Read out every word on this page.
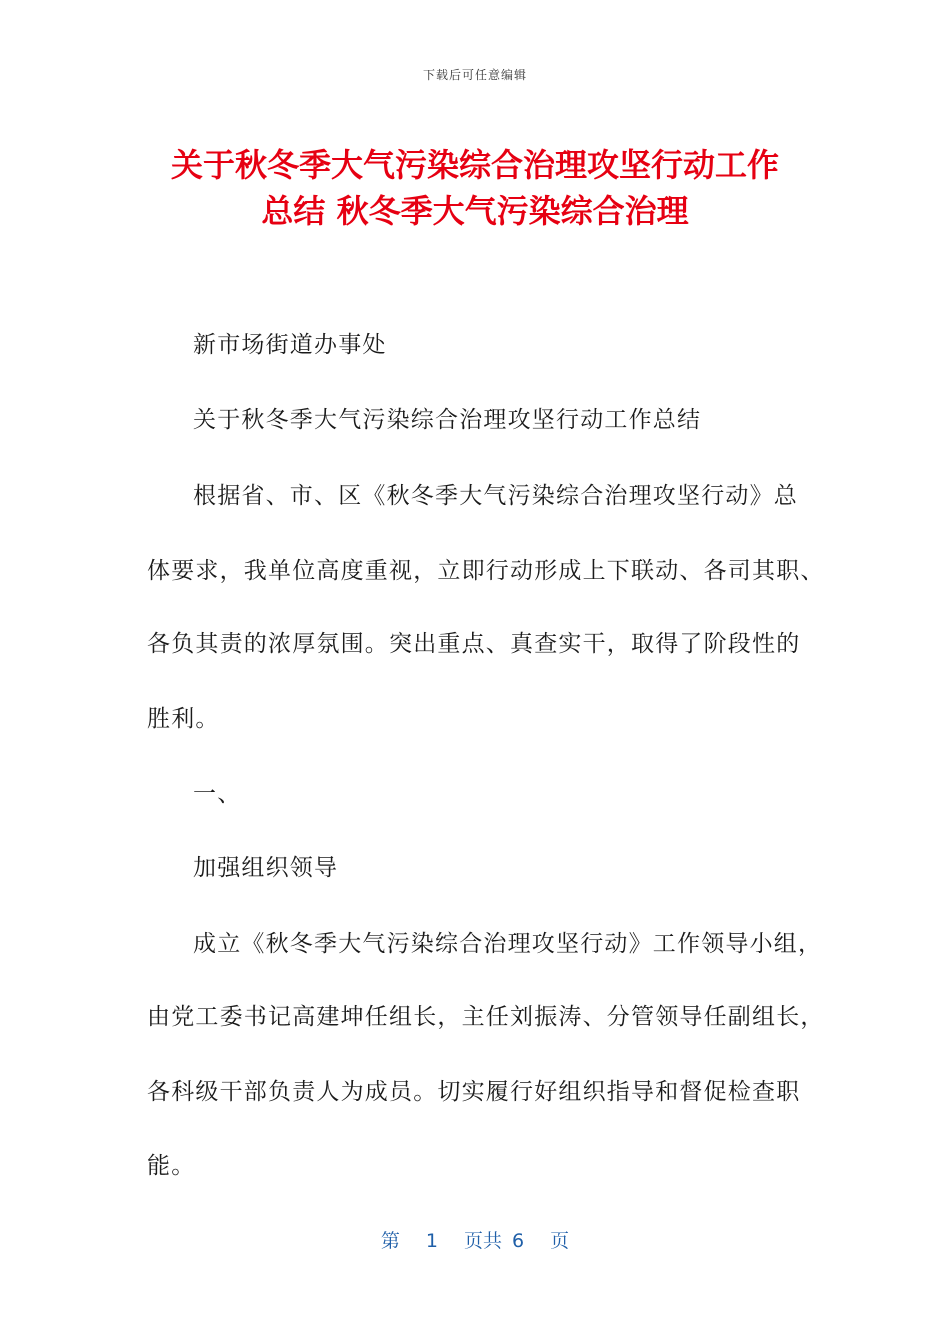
下载后可任意编辑
关于秋冬季大气污染综合治理攻坚行动工作
总结 秋冬季大气污染综合治理

新市场街道办事处

关于秋冬季大气污染综合治理攻坚行动工作总结

根据省、市、区《秋冬季大气污染综合治理攻坚行动》总

体要求，我单位高度重视，立即行动形成上下联动、各司其职、

各负其责的浓厚氛围。突出重点、真查实干，取得了阶段性的

胜利。

一、

加强组织领导

成立《秋冬季大气污染综合治理攻坚行动》工作领导小组，

由党工委书记高建坤任组长，主任刘振涛、分管领导任副组长，

各科级干部负责人为成员。切实履行好组织指导和督促检查职

能。

第 1 页共 6 页
